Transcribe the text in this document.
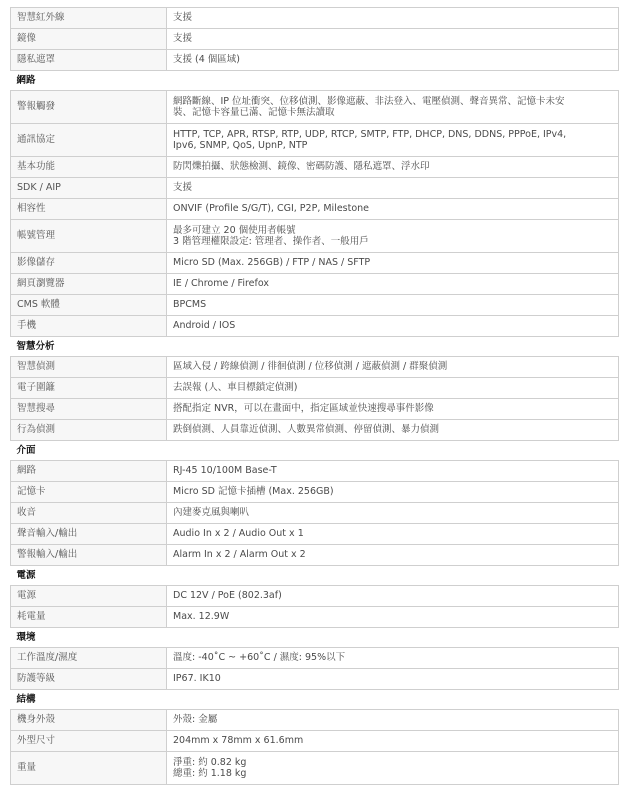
智慧紅外線	支援
鏡像	支援
隱私遮罩	支援 (4 個區域)
網路	
警報觸發	網路斷線、IP 位址衝突、位移偵測、影像遮蔽、非法登入、電壓偵測、聲音異常、記憶卡未安
裝、記憶卡容量已滿、記憶卡無法讀取
通訊協定	HTTP, TCP, APR, RTSP, RTP, UDP, RTCP, SMTP, FTP, DHCP, DNS, DDNS, PPPoE, IPv4,
Ipv6, SNMP, QoS, UpnP, NTP
基本功能	防閃爍拍攝、狀態檢測、鏡像、密碼防護、隱私遮罩、浮水印
SDK / AIP	支援
相容性	ONVIF (Profile S/G/T), CGI, P2P, Milestone
帳號管理	最多可建立 20 個使用者帳號
3 階管理權限設定: 管理者、操作者、一般用戶
影像儲存	Micro SD (Max. 256GB) / FTP / NAS / SFTP
網頁瀏覽器	IE / Chrome / Firefox
CMS 軟體	BPCMS
手機	Android / IOS
智慧分析	
智慧偵測	區域入侵 / 跨線偵測 / 徘徊偵測 / 位移偵測 / 遮蔽偵測 / 群聚偵測
電子圍籬	去誤報 (人、車目標鎖定偵測)
智慧搜尋	搭配指定 NVR，可以在畫面中，指定區域並快速搜尋事件影像
行為偵測	跌倒偵測、人員靠近偵測、人數異常偵測、停留偵測、暴力偵測
介面	
網路	RJ-45 10/100M Base-T
記憶卡	Micro SD 記憶卡插槽 (Max. 256GB)
收音	內建麥克風與喇叭
聲音輸入/輸出	Audio In x 2 / Audio Out x 1
警報輸入/輸出	Alarm In x 2 / Alarm Out x 2
電源	
電源	DC 12V / PoE (802.3af)
耗電量	Max. 12.9W
環境	
工作溫度/濕度	溫度: -40˚C ~ +60˚C / 濕度: 95%以下
防護等級	IP67. IK10
結構	
機身外殼	外殼: 金屬
外型尺寸	204mm x 78mm x 61.6mm
重量	淨重: 約 0.82 kg
總重: 約 1.18 kg
